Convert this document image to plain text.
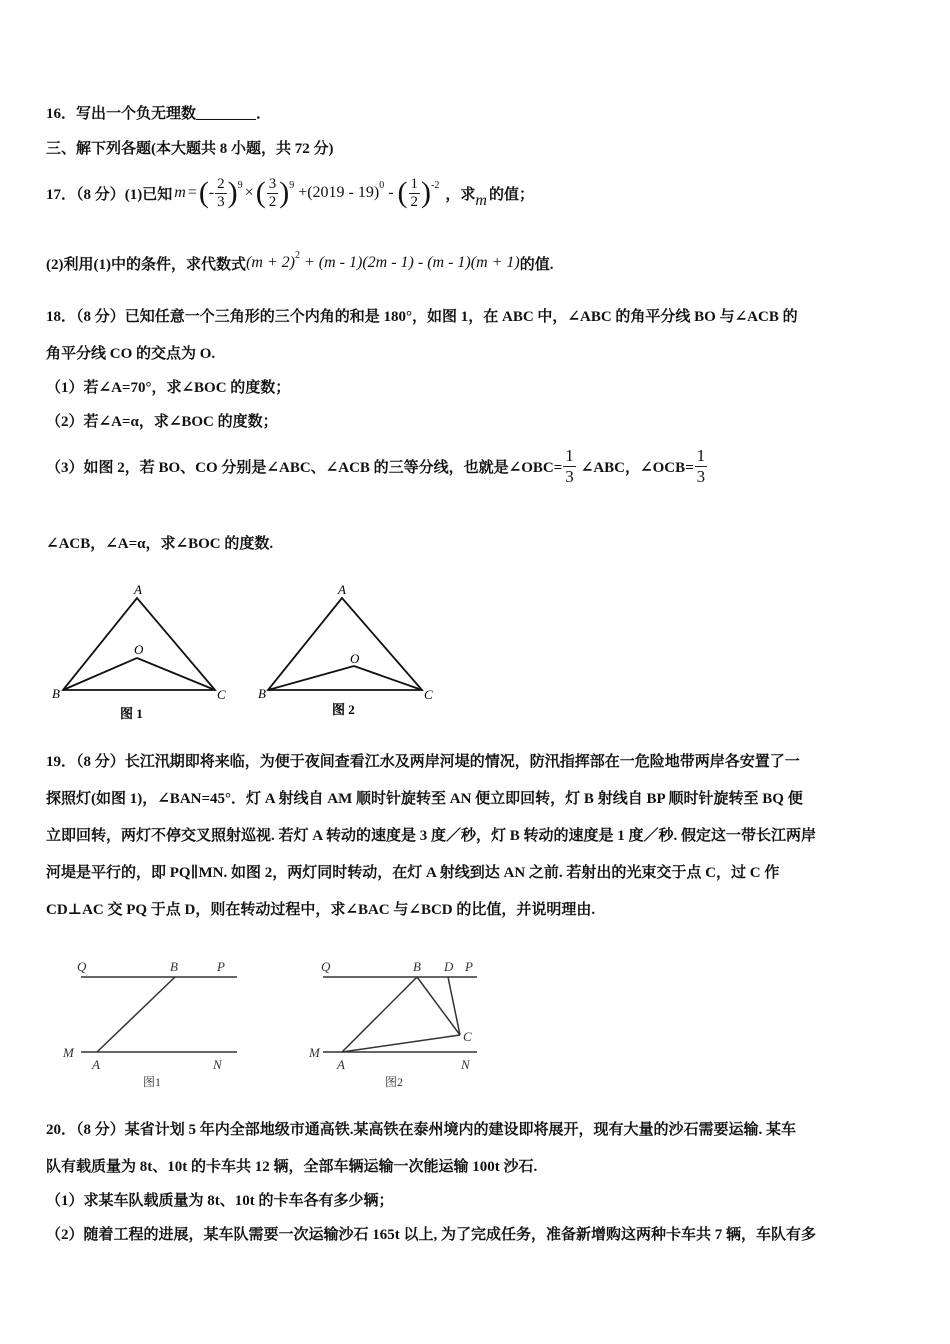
16．写出一个负无理数________．
三、解下列各题(本大题共 8 小题，共 72 分)
17．（8 分）(1)已知 m = ( - $\frac{2}{3} )^9$ × ( $\frac{3}{2} )^9 +(2019 - 19)^0$ - ( $\frac{1}{2} )^{-2}$
，求 m 的值；
(2)利用(1)中的条件，求代数式 $(m + 2)^2 + (m - 1)(2m - 1) - (m - 1)(m + 1)$ 的值.
18．（8 分）已知任意一个三角形的三个内角的和是 180°，如图 1，在 ABC 中，∠ABC 的角平分线 BO 与∠ACB 的
角平分线 CO 的交点为 O.
（1）若∠A=70°，求∠BOC 的度数；
（2）若∠A=α，求∠BOC 的度数；
（3）如图 2，若 BO、CO 分别是∠ABC、∠ACB 的三等分线，也就是∠OBC= $\frac{1}{3}$ ∠ABC，∠OCB= $\frac{1}{3}$
∠ACB，∠A=α，求∠BOC 的度数.
A
B	C
O
图 1
A
B	C
O
图 2
19．（8 分）长江汛期即将来临，为便于夜间查看江水及两岸河堤的情况，防汛指挥部在一危险地带两岸各安置了一
探照灯(如图 1)，∠BAN=45°．灯 A 射线自 AM 顺时针旋转至 AN 便立即回转，灯 B 射线自 BP 顺时针旋转至 BQ 便
立即回转，两灯不停交叉照射巡视. 若灯 A 转动的速度是 3 度／秒，灯 B 转动的速度是 1 度／秒. 假定这一带长江两岸
河堤是平行的，即 PQ∥MN. 如图 2，两灯同时转动，在灯 A 射线到达 AN 之前. 若射出的光束交于点 C，过 C 作
CD⊥AC 交 PQ 于点 D，则在转动过程中，求∠BAC 与∠BCD 的比值，并说明理由.
Q	B	P
M
A	N
图1
Q	B D P
M
A
C
N
图2
20．（8 分）某省计划 5 年内全部地级市通高铁.某高铁在泰州境内的建设即将展开，现有大量的沙石需要运输. 某车
队有载质量为 8t、10t 的卡车共 12 辆，全部车辆运输一次能运输 100t 沙石.
（1）求某车队载质量为 8t、10t 的卡车各有多少辆；
（2）随着工程的进展，某车队需要一次运输沙石 165t 以上, 为了完成任务，准备新增购这两种卡车共 7 辆，车队有多
